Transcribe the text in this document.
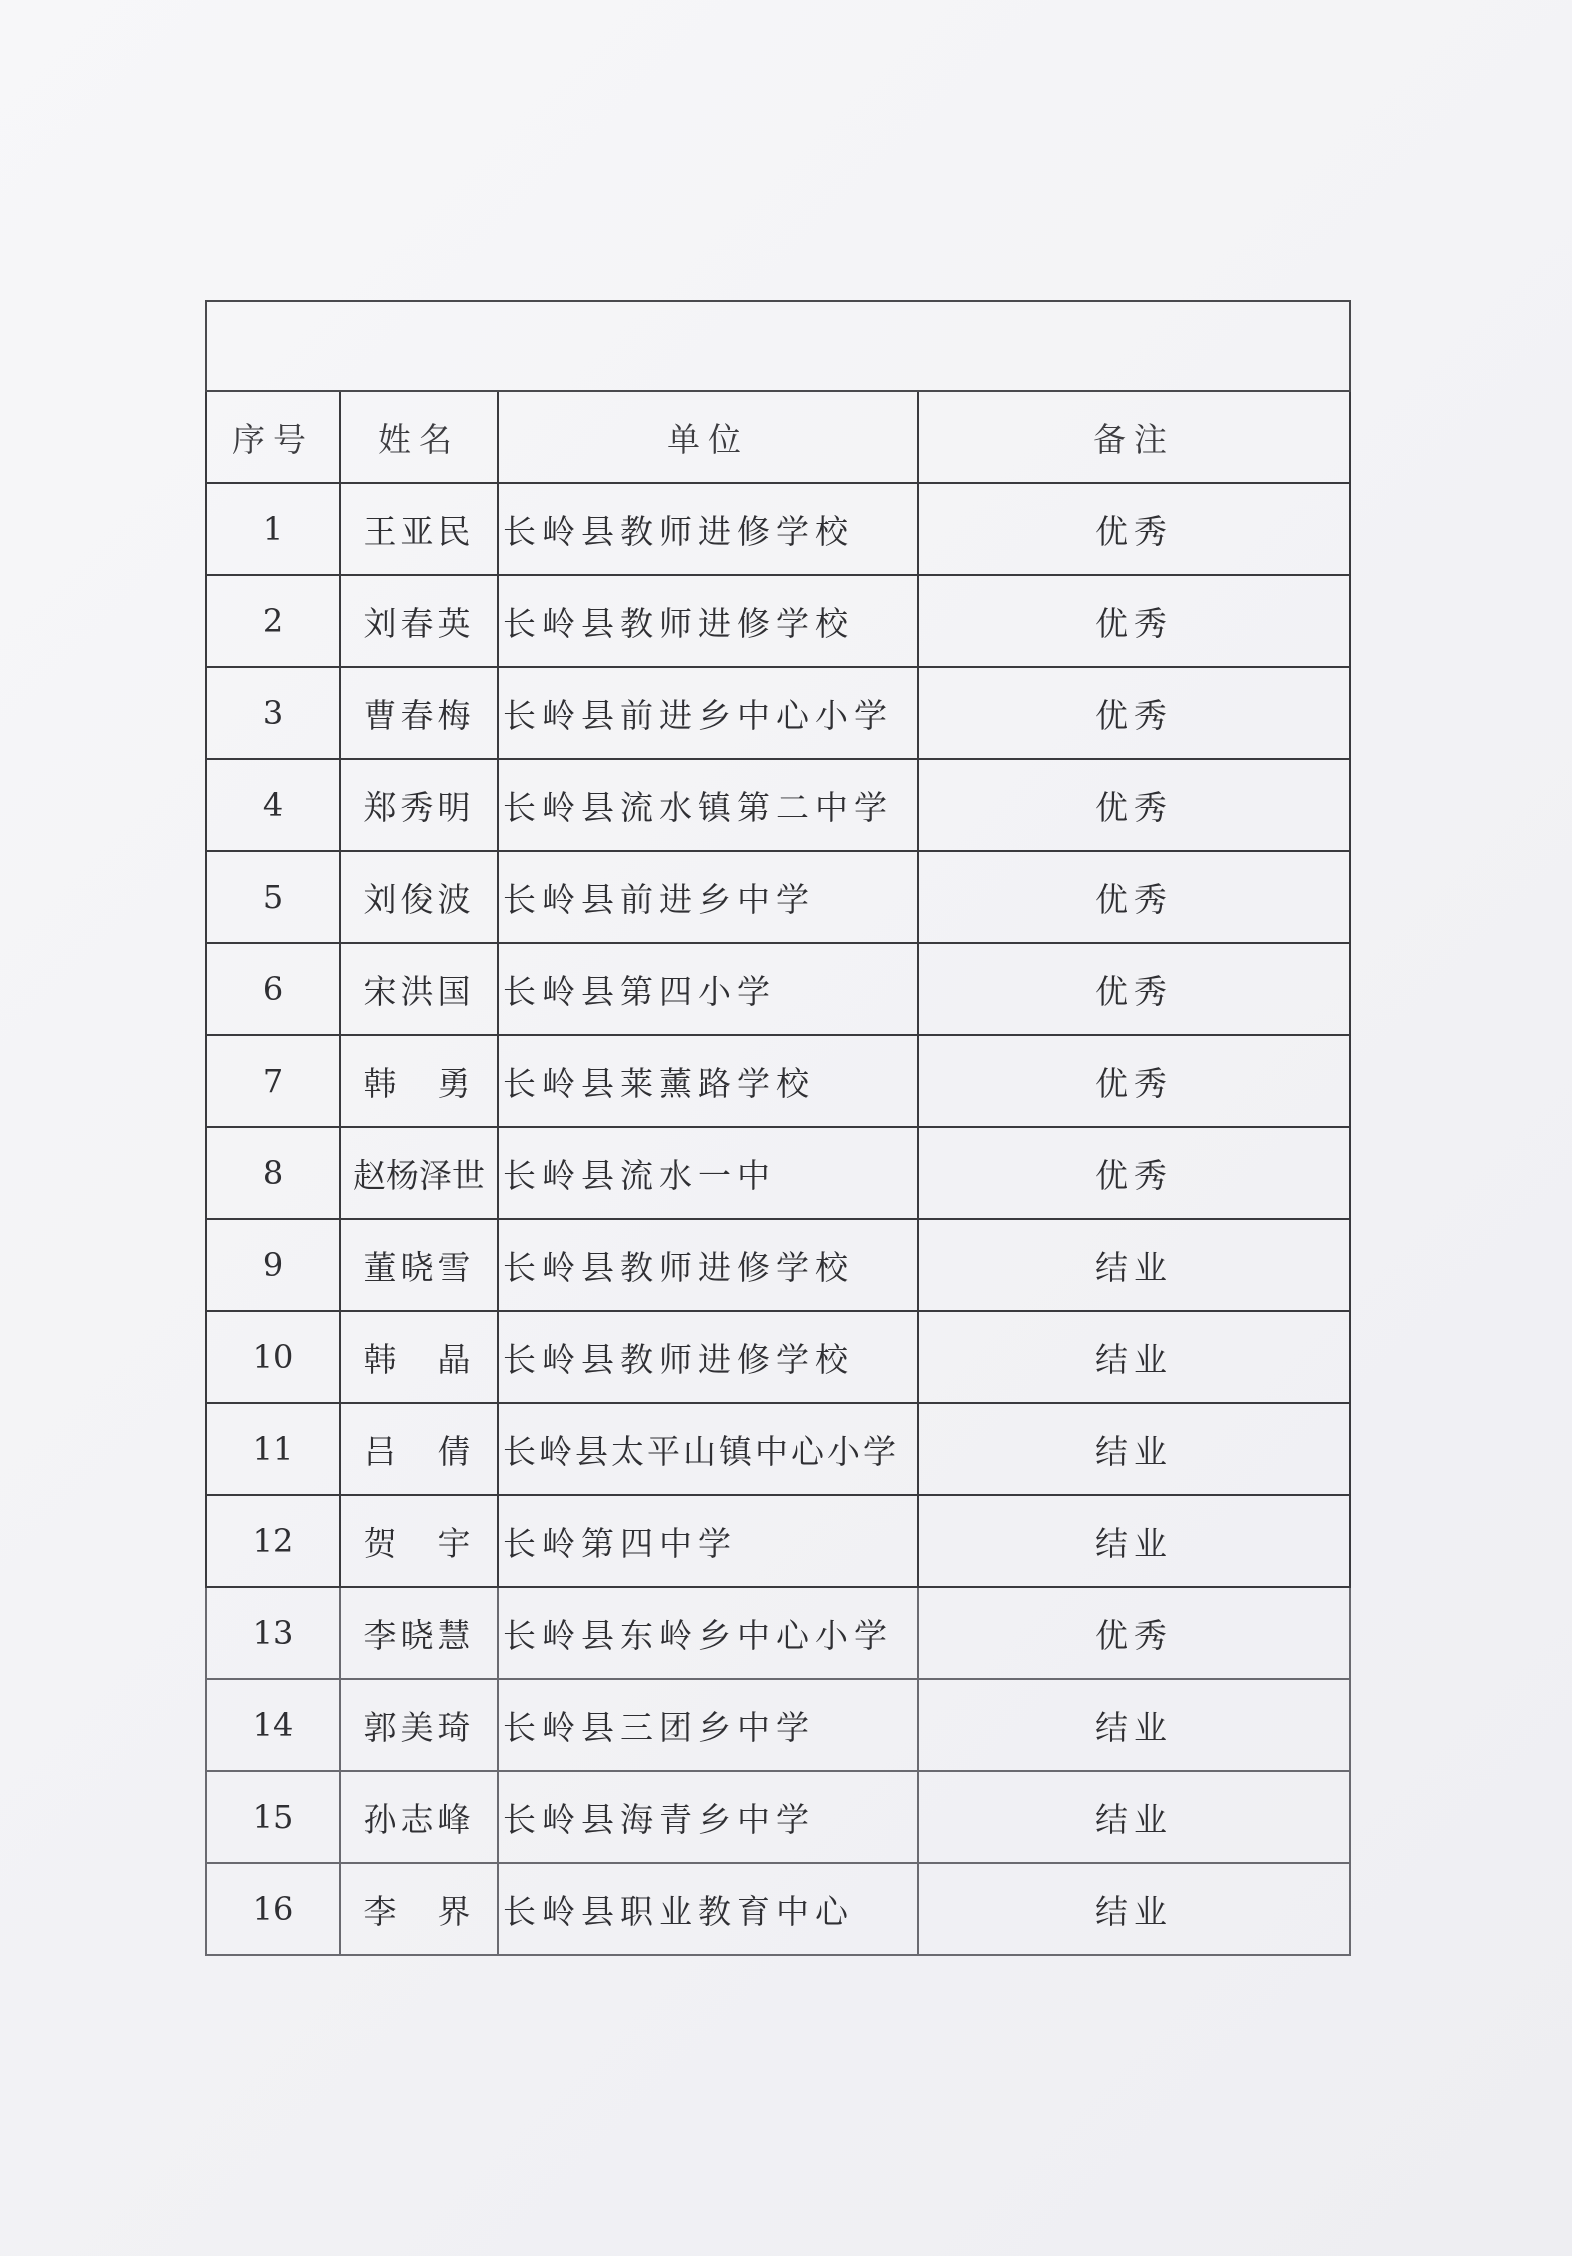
序号	姓名	单位	备注
1	王亚民	长岭县教师进修学校	优秀
2	刘春英	长岭县教师进修学校	优秀
3	曹春梅	长岭县前进乡中心小学	优秀
4	郑秀明	长岭县流水镇第二中学	优秀
5	刘俊波	长岭县前进乡中学	优秀
6	宋洪国	长岭县第四小学	优秀
7	韩　勇	长岭县莱薰路学校	优秀
8	赵杨泽世	长岭县流水一中	优秀
9	董晓雪	长岭县教师进修学校	结业
10	韩　晶	长岭县教师进修学校	结业
11	吕　倩	长岭县太平山镇中心小学	结业
12	贺　宇	长岭第四中学	结业
13	李晓慧	长岭县东岭乡中心小学	优秀
14	郭美琦	长岭县三团乡中学	结业
15	孙志峰	长岭县海青乡中学	结业
16	李　界	长岭县职业教育中心	结业
